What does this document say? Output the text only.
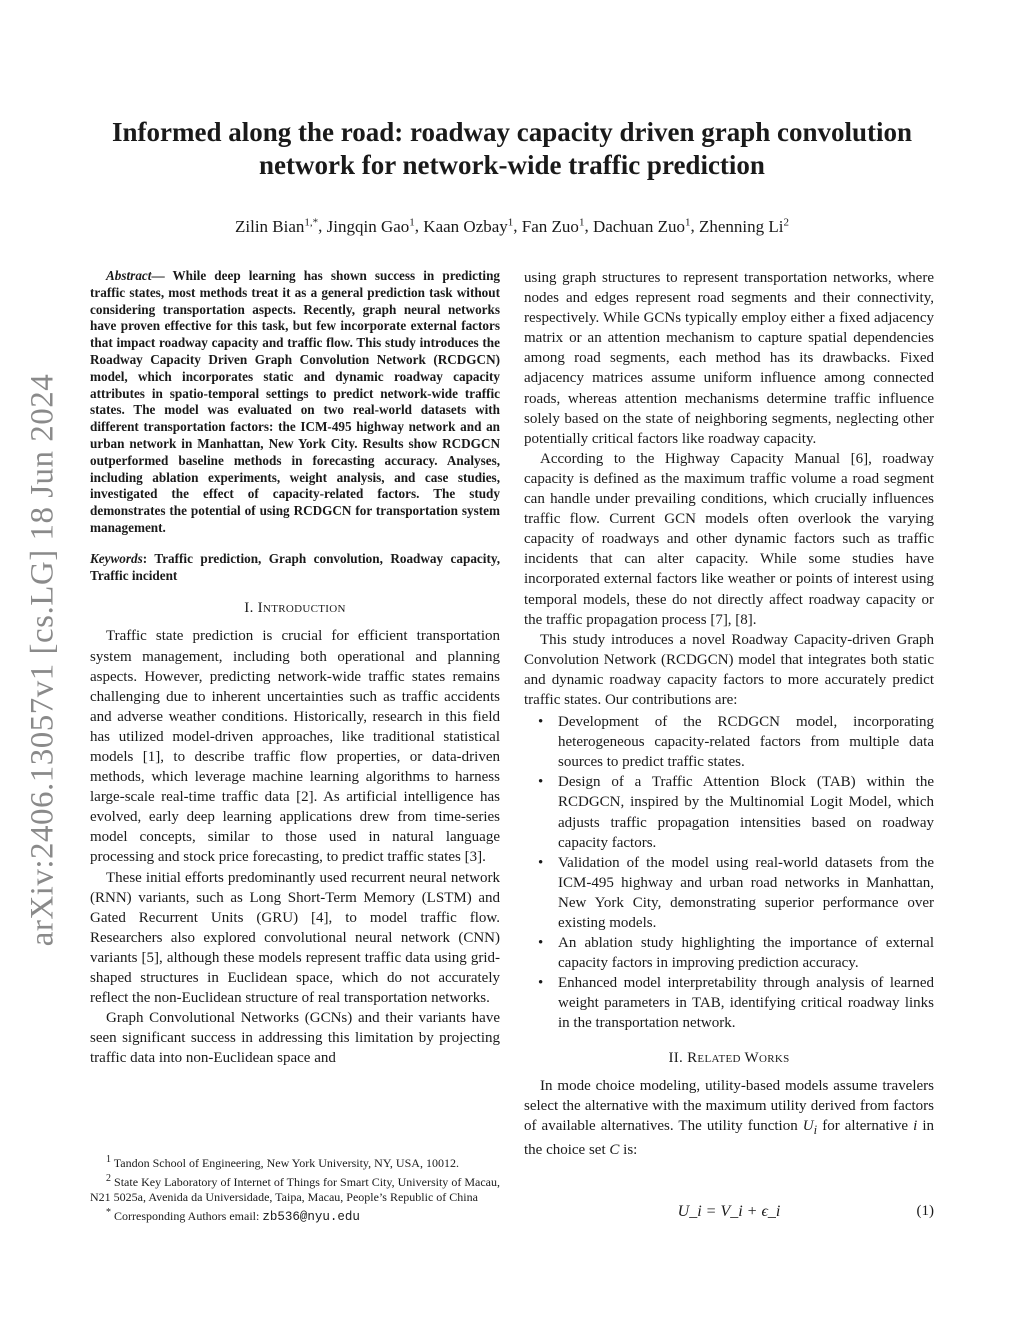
arXiv:2406.13057v1 [cs.LG] 18 Jun 2024
Informed along the road: roadway capacity driven graph convolution
network for network-wide traffic prediction
Zilin Bian$^{1,*}$, Jingqin Gao$^1$, Kaan Ozbay$^1$, Fan Zuo$^1$, Dachuan Zuo$^1$, Zhenning Li$^2$

Abstract— While deep learning has shown success in predicting traffic states, most methods treat it as a general prediction task without considering transportation aspects. Recently, graph neural networks have proven effective for this task, but few incorporate external factors that impact roadway capacity and traffic flow. This study introduces the Roadway Capacity Driven Graph Convolution Network (RCDGCN) model, which incorporates static and dynamic roadway capacity attributes in spatio-temporal settings to predict network-wide traffic states. The model was evaluated on two real-world datasets with different transportation factors: the ICM-495 highway network and an urban network in Manhattan, New York City. Results show RCDGCN outperformed baseline methods in forecasting accuracy. Analyses, including ablation experiments, weight analysis, and case studies, investigated the effect of capacity-related factors. The study demonstrates the potential of using RCDGCN for transportation system management.

Keywords: Traffic prediction, Graph convolution, Roadway capacity, Traffic incident

I. Introduction

Traffic state prediction is crucial for efficient transportation system management, including both operational and planning aspects. However, predicting network-wide traffic states remains challenging due to inherent uncertainties such as traffic accidents and adverse weather conditions. Historically, research in this field has utilized model-driven approaches, like traditional statistical models [1], to describe traffic flow properties, or data-driven methods, which leverage machine learning algorithms to harness large-scale real-time traffic data [2]. As artificial intelligence has evolved, early deep learning applications drew from time-series model concepts, similar to those used in natural language processing and stock price forecasting, to predict traffic states [3].

These initial efforts predominantly used recurrent neural network (RNN) variants, such as Long Short-Term Memory (LSTM) and Gated Recurrent Units (GRU) [4], to model traffic flow. Researchers also explored convolutional neural network (CNN) variants [5], although these models represent traffic data using grid-shaped structures in Euclidean space, which do not accurately reflect the non-Euclidean structure of real transportation networks.

Graph Convolutional Networks (GCNs) and their variants have seen significant success in addressing this limitation by projecting traffic data into non-Euclidean space and

$^1$ Tandon School of Engineering, New York University, NY, USA, 10012.

$^2$ State Key Laboratory of Internet of Things for Smart City, University of Macau, N21 5025a, Avenida da Universidade, Taipa, Macau, People’s Republic of China

* Corresponding Authors email: zb536@nyu.edu

using graph structures to represent transportation networks, where nodes and edges represent road segments and their connectivity, respectively. While GCNs typically employ either a fixed adjacency matrix or an attention mechanism to capture spatial dependencies among road segments, each method has its drawbacks. Fixed adjacency matrices assume uniform influence among connected roads, whereas attention mechanisms determine traffic influence solely based on the state of neighboring segments, neglecting other potentially critical factors like roadway capacity.

According to the Highway Capacity Manual [6], roadway capacity is defined as the maximum traffic volume a road segment can handle under prevailing conditions, which crucially influences traffic flow. Current GCN models often overlook the varying capacity of roadways and other dynamic factors such as traffic incidents that can alter capacity. While some studies have incorporated external factors like weather or points of interest using temporal models, these do not directly affect roadway capacity or the traffic propagation process [7], [8].

This study introduces a novel Roadway Capacity-driven Graph Convolution Network (RCDGCN) model that integrates both static and dynamic roadway capacity factors to more accurately predict traffic states. Our contributions are:

• Development of the RCDGCN model, incorporating heterogeneous capacity-related factors from multiple data sources to predict traffic states.
• Design of a Traffic Attention Block (TAB) within the RCDGCN, inspired by the Multinomial Logit Model, which adjusts traffic propagation intensities based on roadway capacity factors.
• Validation of the model using real-world datasets from the ICM-495 highway and urban road networks in Manhattan, New York City, demonstrating superior performance over existing models.
• An ablation study highlighting the importance of external capacity factors in improving prediction accuracy.
• Enhanced model interpretability through analysis of learned weight parameters in TAB, identifying critical roadway links in the transportation network.
II. Related Works

In mode choice modeling, utility-based models assume travelers select the alternative with the maximum utility derived from factors of available alternatives. The utility function $U_i$ for alternative i in the choice set C is:

U_i = V_i + ϵ_i	(1)
